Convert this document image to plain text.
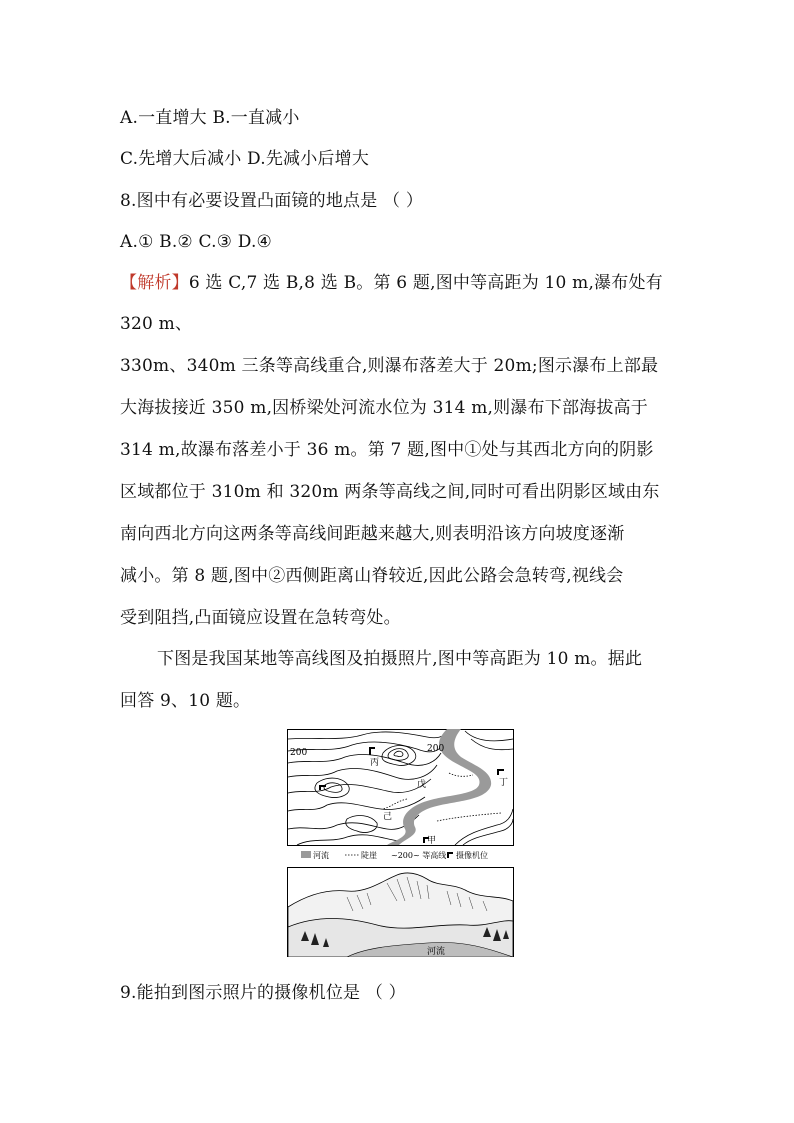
A.一直增大 B.一直减小
C.先增大后减小 D.先减小后增大
8.图中有必要设置凸面镜的地点是 （ ）
A.① B.② C.③ D.④
【解析】6 选 C,7 选 B,8 选 B。第 6 题,图中等高距为 10 m,瀑布处有
320 m、
330m、340m 三条等高线重合,则瀑布落差大于 20m;图示瀑布上部最
大海拔接近 350 m,因桥梁处河流水位为 314 m,则瀑布下部海拔高于
314 m,故瀑布落差小于 36 m。第 7 题,图中①处与其西北方向的阴影
区域都位于 310m 和 320m 两条等高线之间,同时可看出阴影区域由东
南向西北方向这两条等高线间距越来越大,则表明沿该方向坡度逐渐
减小。第 8 题,图中②西侧距离山脊较近,因此公路会急转弯,视线会
受到阻挡,凸面镜应设置在急转弯处。
下图是我国某地等高线图及拍摄照片,图中等高距为 10 m。据此
回答 9、10 题。
200	200
丙
戊	丁
己
甲
河流	陡崖 ~200~ 等高线 摄像机位
河流
9.能拍到图示照片的摄像机位是 （ ）
